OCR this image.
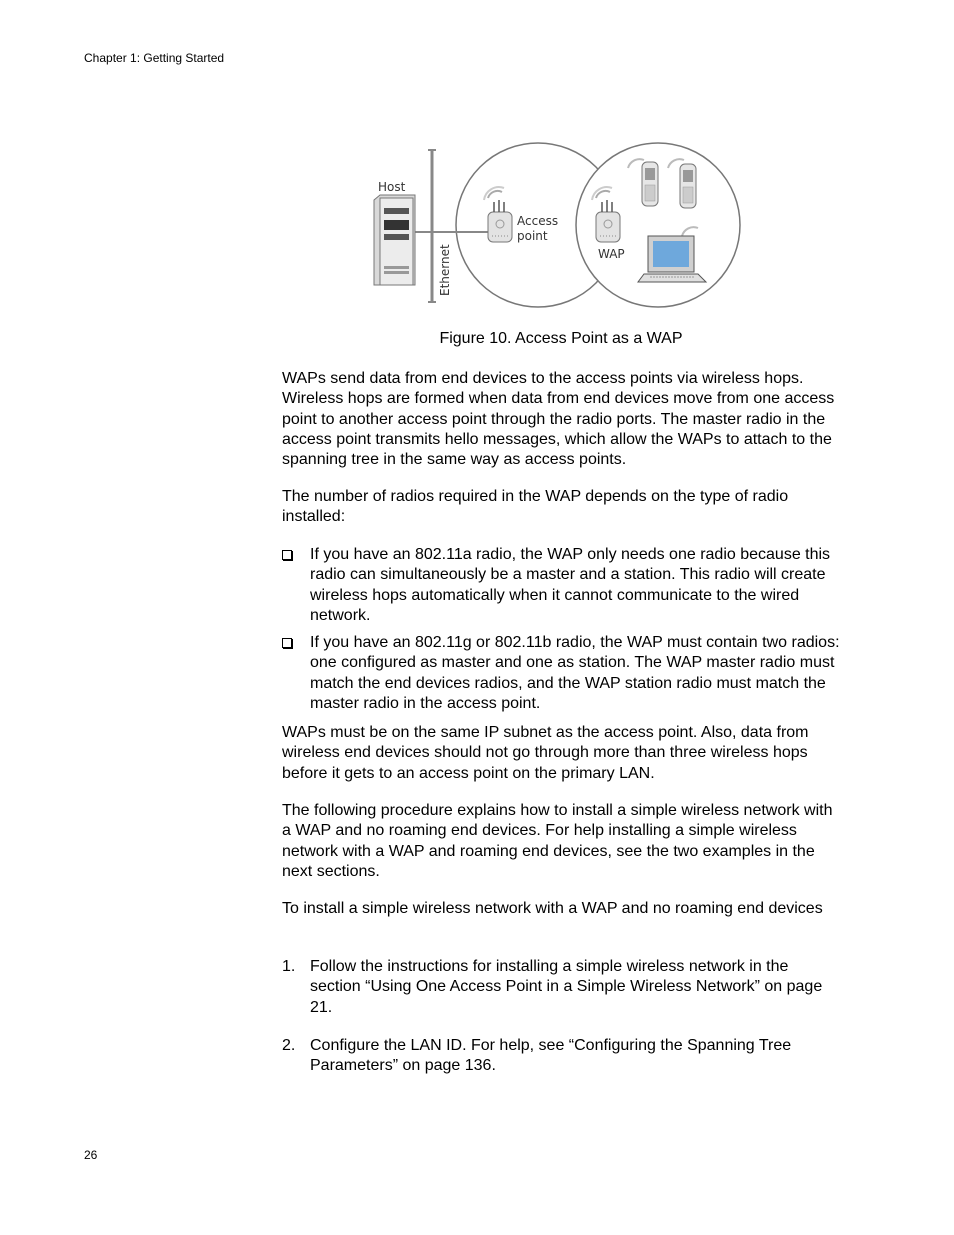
Chapter 1: Getting Started
Host
Ethernet
Access
point
WAP
Figure 10. Access Point as a WAP
WAPs send data from end devices to the access points via wireless hops. Wireless hops are formed when data from end devices move from one access point to another access point through the radio ports. The master radio in the access point transmits hello messages, which allow the WAPs to attach to the spanning tree in the same way as access points.
The number of radios required in the WAP depends on the type of radio installed:
If you have an 802.11a radio, the WAP only needs one radio because this radio can simultaneously be a master and a station. This radio will create wireless hops automatically when it cannot communicate to the wired network.
If you have an 802.11g or 802.11b radio, the WAP must contain two radios: one configured as master and one as station. The WAP master radio must match the end devices radios, and the WAP station radio must match the master radio in the access point.
WAPs must be on the same IP subnet as the access point. Also, data from wireless end devices should not go through more than three wireless hops before it gets to an access point on the primary LAN.
The following procedure explains how to install a simple wireless network with a WAP and no roaming end devices. For help installing a simple wireless network with a WAP and roaming end devices, see the two examples in the next sections.
To install a simple wireless network with a WAP and no roaming end devices
1. Follow the instructions for installing a simple wireless network in the section “Using One Access Point in a Simple Wireless Network” on page 21.
2. Configure the LAN ID. For help, see “Configuring the Spanning Tree Parameters” on page 136.
26
